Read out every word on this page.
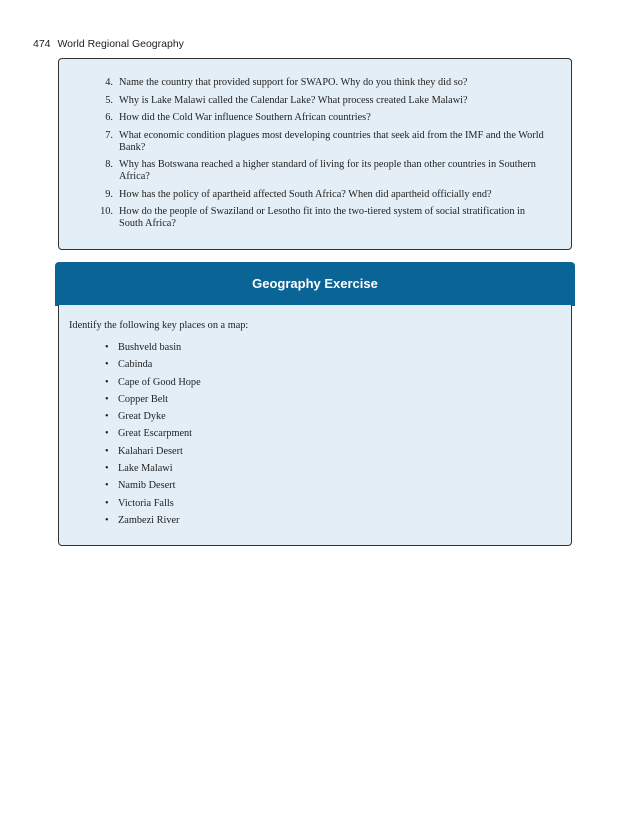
474 World Regional Geography
4. Name the country that provided support for SWAPO. Why do you think they did so?
5. Why is Lake Malawi called the Calendar Lake? What process created Lake Malawi?
6. How did the Cold War influence Southern African countries?
7. What economic condition plagues most developing countries that seek aid from the IMF and the World Bank?
8. Why has Botswana reached a higher standard of living for its people than other countries in Southern Africa?
9. How has the policy of apartheid affected South Africa? When did apartheid officially end?
10. How do the people of Swaziland or Lesotho fit into the two-tiered system of social stratification in South Africa?
Geography Exercise
Identify the following key places on a map:
• Bushveld basin
• Cabinda
• Cape of Good Hope
• Copper Belt
• Great Dyke
• Great Escarpment
• Kalahari Desert
• Lake Malawi
• Namib Desert
• Victoria Falls
• Zambezi River
